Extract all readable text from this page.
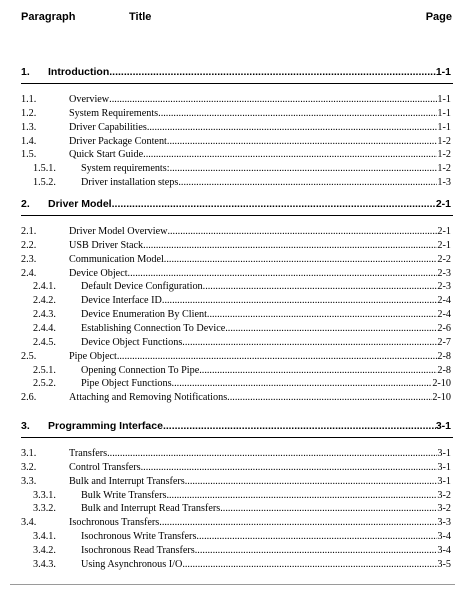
Paragraph	Title	Page
1. Introduction .....	1-1
1.1.	Overview .....	1-1
1.2.	System Requirements .....	1-1
1.3.	Driver Capabilities .....	1-1
1.4.	Driver Package Content .....	1-2
1.5.	Quick Start Guide .....	1-2
1.5.1. System requirements: .....	1-2
1.5.2. Driver installation steps. .....	1-3
2. Driver Model. .....	2-1
2.1.	Driver Model Overview .....	2-1
2.2.	USB Driver Stack .....	2-1
2.3.	Communication Model. .....	2-2
2.4.	Device Object. .....	2-3
2.4.1. Default Device Configuration. .....	2-3
2.4.2. Device Interface ID. .....	2-4
2.4.3. Device Enumeration By Client. .....	2-4
2.4.4. Establishing Connection To Device. .....	2-6
2.4.5. Device Object Functions .....	2-7
2.5.	Pipe Object. .....	2-8
2.5.1. Opening Connection To Pipe. .....	2-8
2.5.2. Pipe Object Functions. .....	2-10
2.6.	Attaching and Removing Notifications .....	2-10
3. Programming Interface .....	3-1
3.1.	Transfers .....	3-1
3.2.	Control Transfers. .....	3-1
3.3.	Bulk and Interrupt Transfers .....	3-1
3.3.1. Bulk Write Transfers .....	3-2
3.3.2. Bulk and Interrupt Read Transfers .....	3-2
3.4.	Isochronous Transfers .....	3-3
3.4.1. Isochronous Write Transfers .....	3-4
3.4.2. Isochronous Read Transfers .....	3-4
3.4.3. Using Asynchronous I/O .....	3-5
